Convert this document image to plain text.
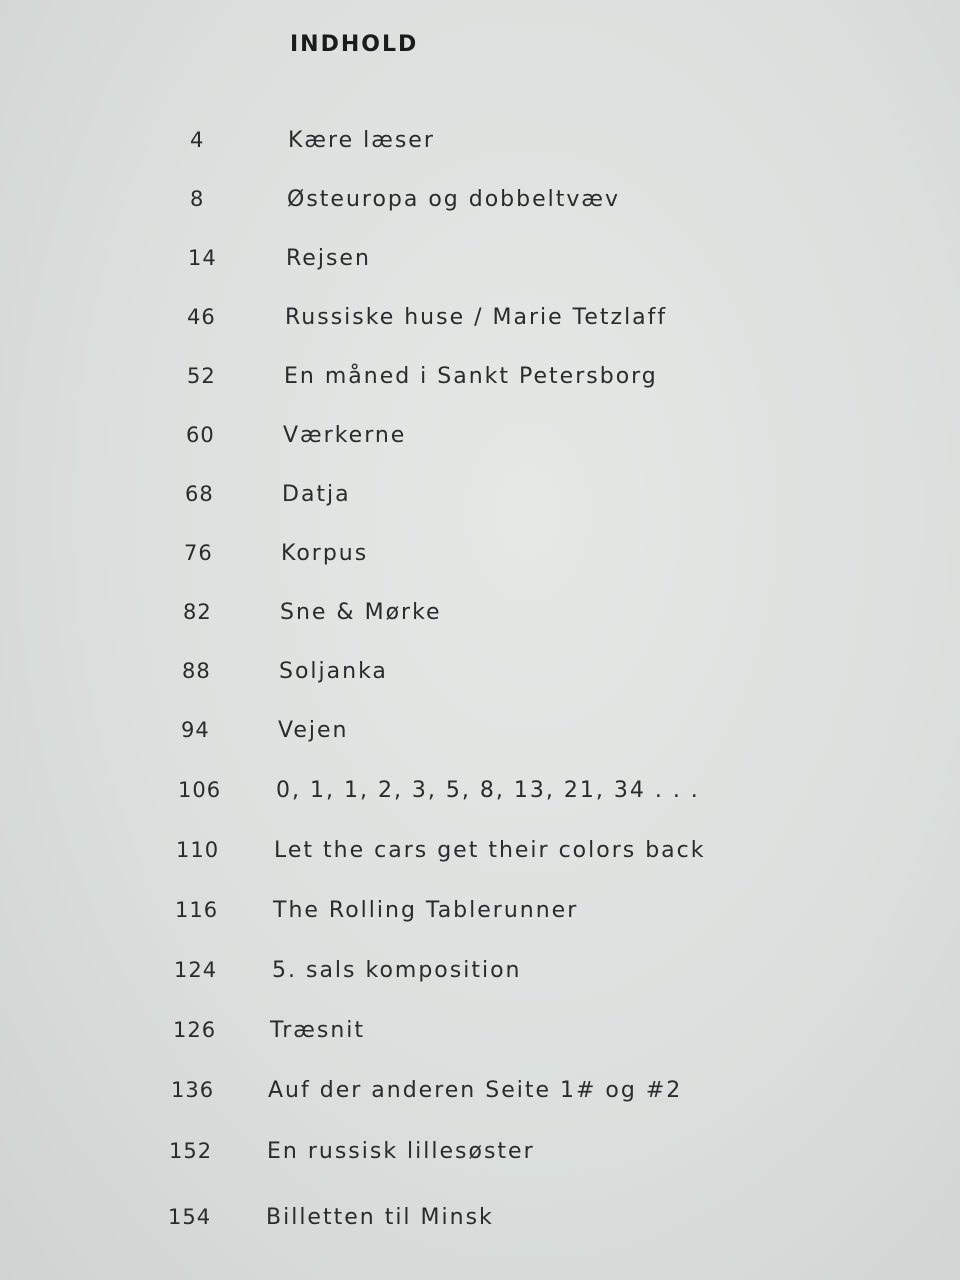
INDHOLD
4	Kære læser
8	Østeuropa og dobbeltvæv
14	Rejsen
46	Russiske huse / Marie Tetzlaff
52	En måned i Sankt Petersborg
60	Værkerne
68	Datja
76	Korpus
82	Sne & Mørke
88	Soljanka
94	Vejen
106 0, 1, 1, 2, 3, 5, 8, 13, 21, 34 . . .
110 Let the cars get their colors back
116 The Rolling Tablerunner
124 5. sals komposition
126 Træsnit
136 Auf der anderen Seite 1# og #2
152 En russisk lillesøster
154 Billetten til Minsk
